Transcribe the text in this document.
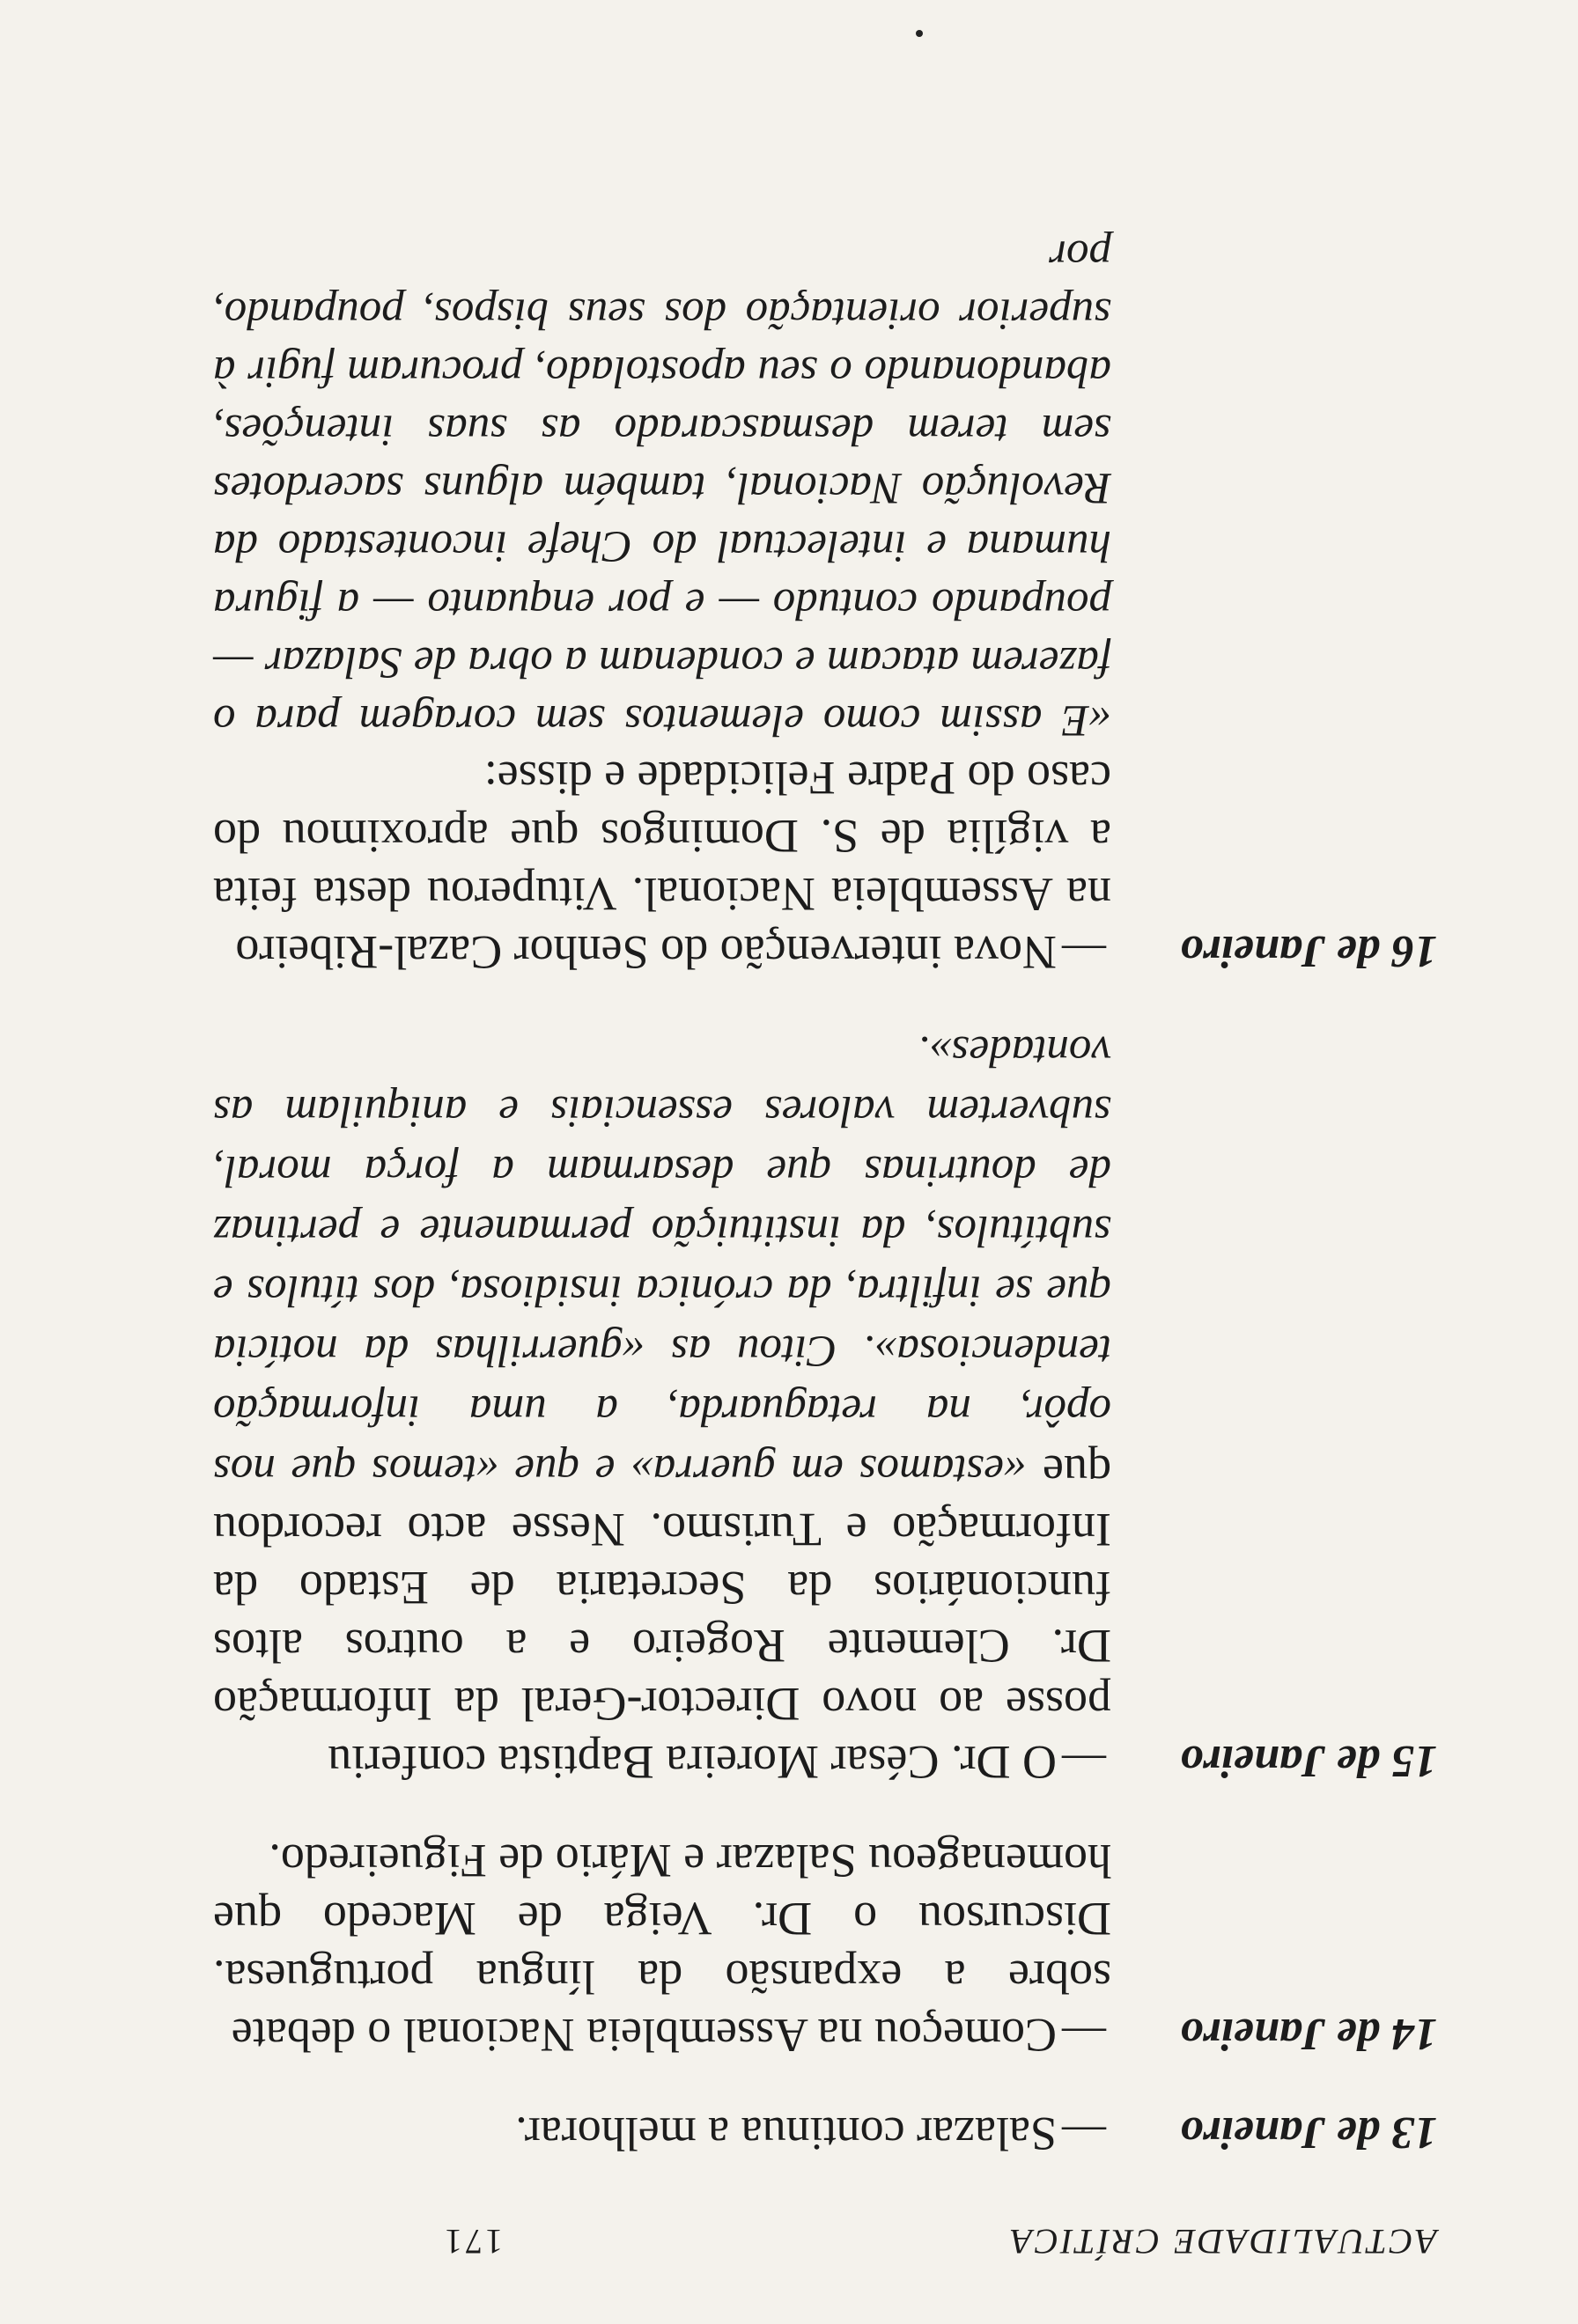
ACTUALIDADE CRÍTICA
171
13 de Janeiro
—
Salazar continua a melhorar.
14 de Janeiro
—
Começou na Assembleia Nacional o debate

sobre a expansão da língua portuguesa. Discursou o Dr. Veiga de Macedo que homenageou Salazar e Mário de Figueiredo.

15 de Janeiro
—
O Dr. César Moreira Baptista conferiu

posse ao novo Director-Geral da Informação Dr. Clemente Rogeiro e a outros altos funcionários da Secretaria de Estado da Informação e Turismo. Nesse acto recordou que «estamos em guerra» e que «temos que nos opôr, na retaguarda, a uma informação tendenciosa». Citou as «guerrilhas da notícia que se infiltra, da crónica insidiosa, dos títulos e subtítulos, da instituição permanente e pertinaz de doutrinas que desarmam a força moral, subvertem valores essenciais e aniquilam as vontades».

16 de Janeiro
—
Nova intervenção do Senhor Cazal-Ribeiro

na Assembleia Nacional. Vituperou desta feita a vigília de S. Domingos que aproximou do caso do Padre Felicidade e disse:

«E assim como elementos sem coragem para o fazerem atacam e condenam a obra de Salazar — poupando contudo — e por enquanto — a figura humana e intelectual do Chefe incontestado da Revolução Nacional, também alguns sacerdotes sem terem desmascarado as suas intenções, abandonando o seu apostolado, procuram fugir à superior orientação dos seus bispos, poupando, por
